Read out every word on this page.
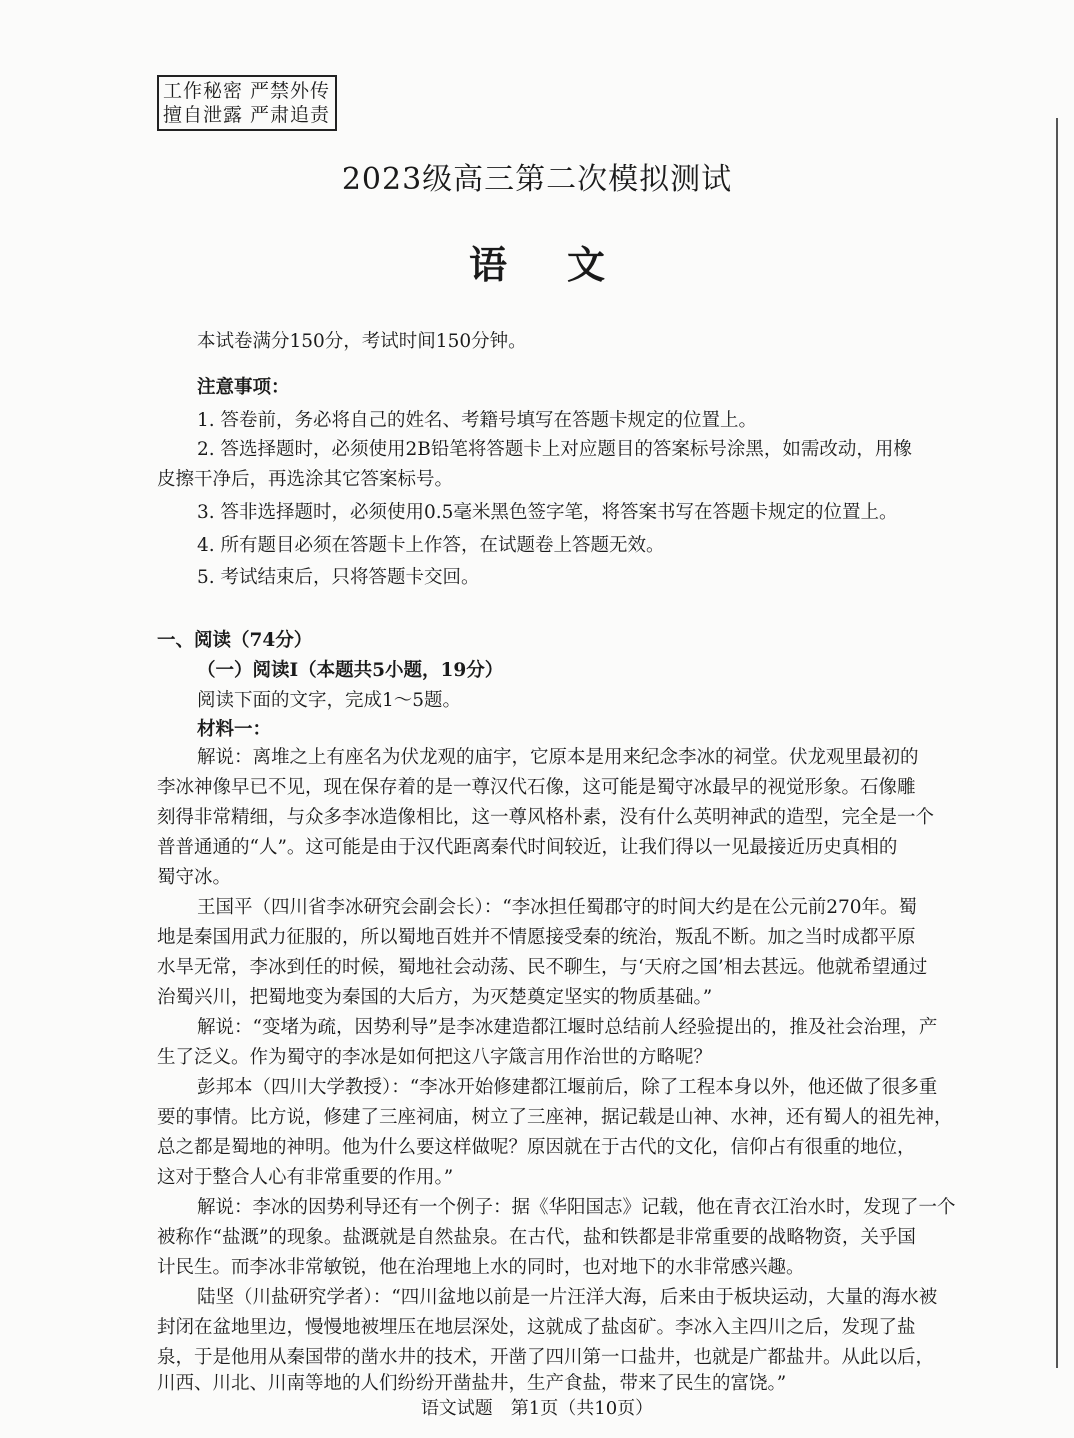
工作秘密 严禁外传
擅自泄露 严肃追责
2023级高三第二次模拟测试
语文
本试卷满分150分，考试时间150分钟。
注意事项：
1. 答卷前，务必将自己的姓名、考籍号填写在答题卡规定的位置上。
2. 答选择题时，必须使用2B铅笔将答题卡上对应题目的答案标号涂黑，如需改动，用橡
皮擦干净后，再选涂其它答案标号。
3. 答非选择题时，必须使用0.5毫米黑色签字笔，将答案书写在答题卡规定的位置上。
4. 所有题目必须在答题卡上作答，在试题卷上答题无效。
5. 考试结束后，只将答题卡交回。
一、阅读（74分）
（一）阅读Ⅰ（本题共5小题，19分）
阅读下面的文字，完成1～5题。
材料一：
解说：离堆之上有座名为伏龙观的庙宇，它原本是用来纪念李冰的祠堂。伏龙观里最初的
李冰神像早已不见，现在保存着的是一尊汉代石像，这可能是蜀守冰最早的视觉形象。石像雕
刻得非常精细，与众多李冰造像相比，这一尊风格朴素，没有什么英明神武的造型，完全是一个
普普通通的“人”。这可能是由于汉代距离秦代时间较近，让我们得以一见最接近历史真相的
蜀守冰。
王国平（四川省李冰研究会副会长）：“李冰担任蜀郡守的时间大约是在公元前270年。蜀
地是秦国用武力征服的，所以蜀地百姓并不情愿接受秦的统治，叛乱不断。加之当时成都平原
水旱无常，李冰到任的时候，蜀地社会动荡、民不聊生，与‘天府之国’相去甚远。他就希望通过
治蜀兴川，把蜀地变为秦国的大后方，为灭楚奠定坚实的物质基础。”
解说：“变堵为疏，因势利导”是李冰建造都江堰时总结前人经验提出的，推及社会治理，产
生了泛义。作为蜀守的李冰是如何把这八字箴言用作治世的方略呢？
彭邦本（四川大学教授）：“李冰开始修建都江堰前后，除了工程本身以外，他还做了很多重
要的事情。比方说，修建了三座祠庙，树立了三座神，据记载是山神、水神，还有蜀人的祖先神，
总之都是蜀地的神明。他为什么要这样做呢？原因就在于古代的文化，信仰占有很重的地位，
这对于整合人心有非常重要的作用。”
解说：李冰的因势利导还有一个例子：据《华阳国志》记载，他在青衣江治水时，发现了一个
被称作“盐溉”的现象。盐溉就是自然盐泉。在古代，盐和铁都是非常重要的战略物资，关乎国
计民生。而李冰非常敏锐，他在治理地上水的同时，也对地下的水非常感兴趣。
陆坚（川盐研究学者）：“四川盆地以前是一片汪洋大海，后来由于板块运动，大量的海水被
封闭在盆地里边，慢慢地被埋压在地层深处，这就成了盐卤矿。李冰入主四川之后，发现了盐
泉，于是他用从秦国带的凿水井的技术，开凿了四川第一口盐井，也就是广都盐井。从此以后，
川西、川北、川南等地的人们纷纷开凿盐井，生产食盐，带来了民生的富饶。”
语文试题　第1页（共10页）
